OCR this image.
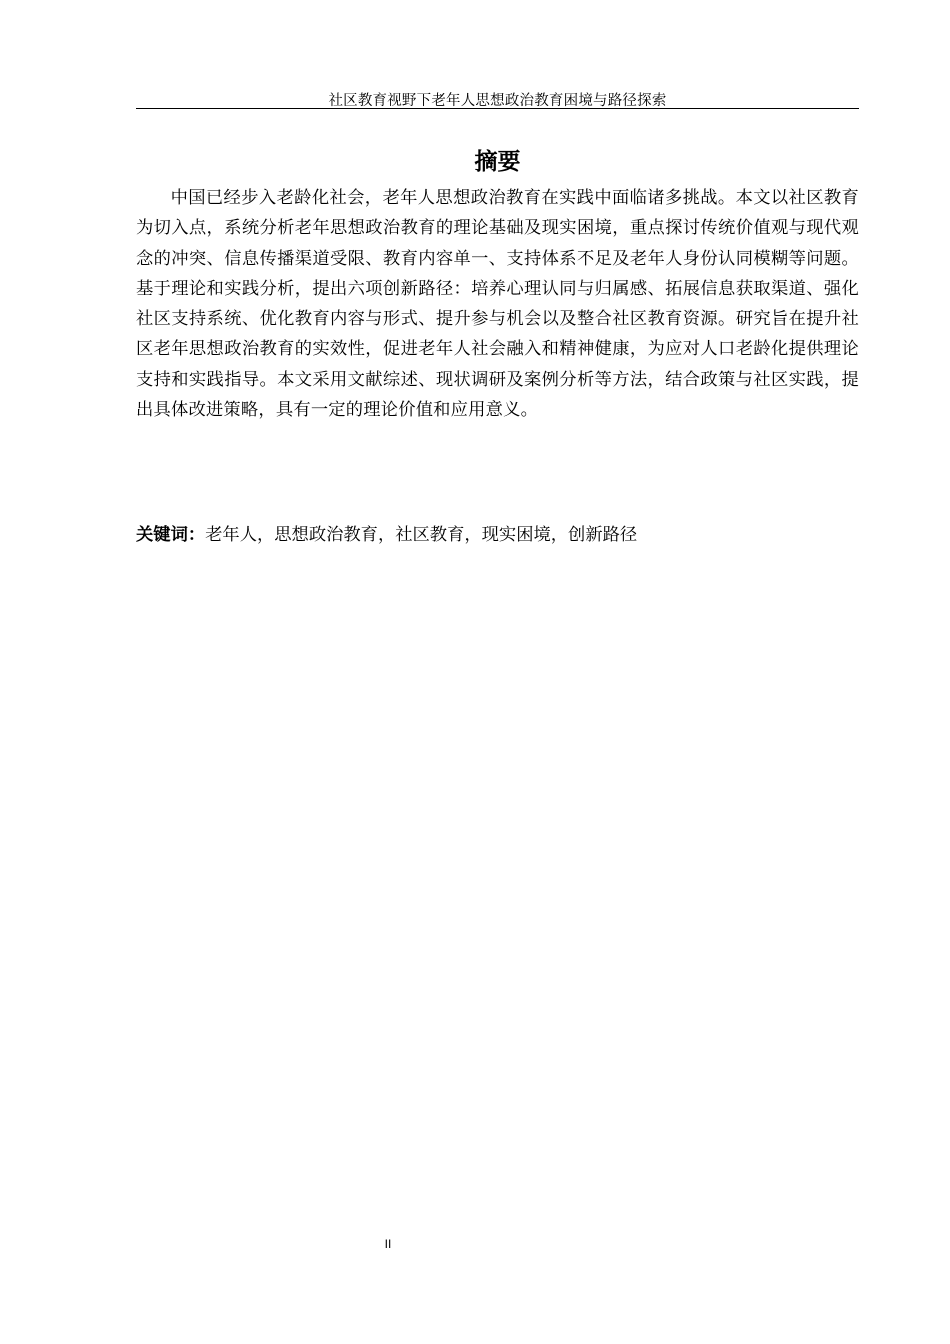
社区教育视野下老年人思想政治教育困境与路径探索
摘要

中国已经步入老龄化社会，老年人思想政治教育在实践中面临诸多挑战。本文以社区教育为切入点，系统分析老年思想政治教育的理论基础及现实困境，重点探讨传统价值观与现代观念的冲突、信息传播渠道受限、教育内容单一、支持体系不足及老年人身份认同模糊等问题。基于理论和实践分析，提出六项创新路径：培养心理认同与归属感、拓展信息获取渠道、强化社区支持系统、优化教育内容与形式、提升参与机会以及整合社区教育资源。研究旨在提升社区老年思想政治教育的实效性，促进老年人社会融入和精神健康，为应对人口老龄化提供理论支持和实践指导。本文采用文献综述、现状调研及案例分析等方法，结合政策与社区实践，提出具体改进策略，具有一定的理论价值和应用意义。

关键词：老年人，思想政治教育，社区教育，现实困境，创新路径
II
